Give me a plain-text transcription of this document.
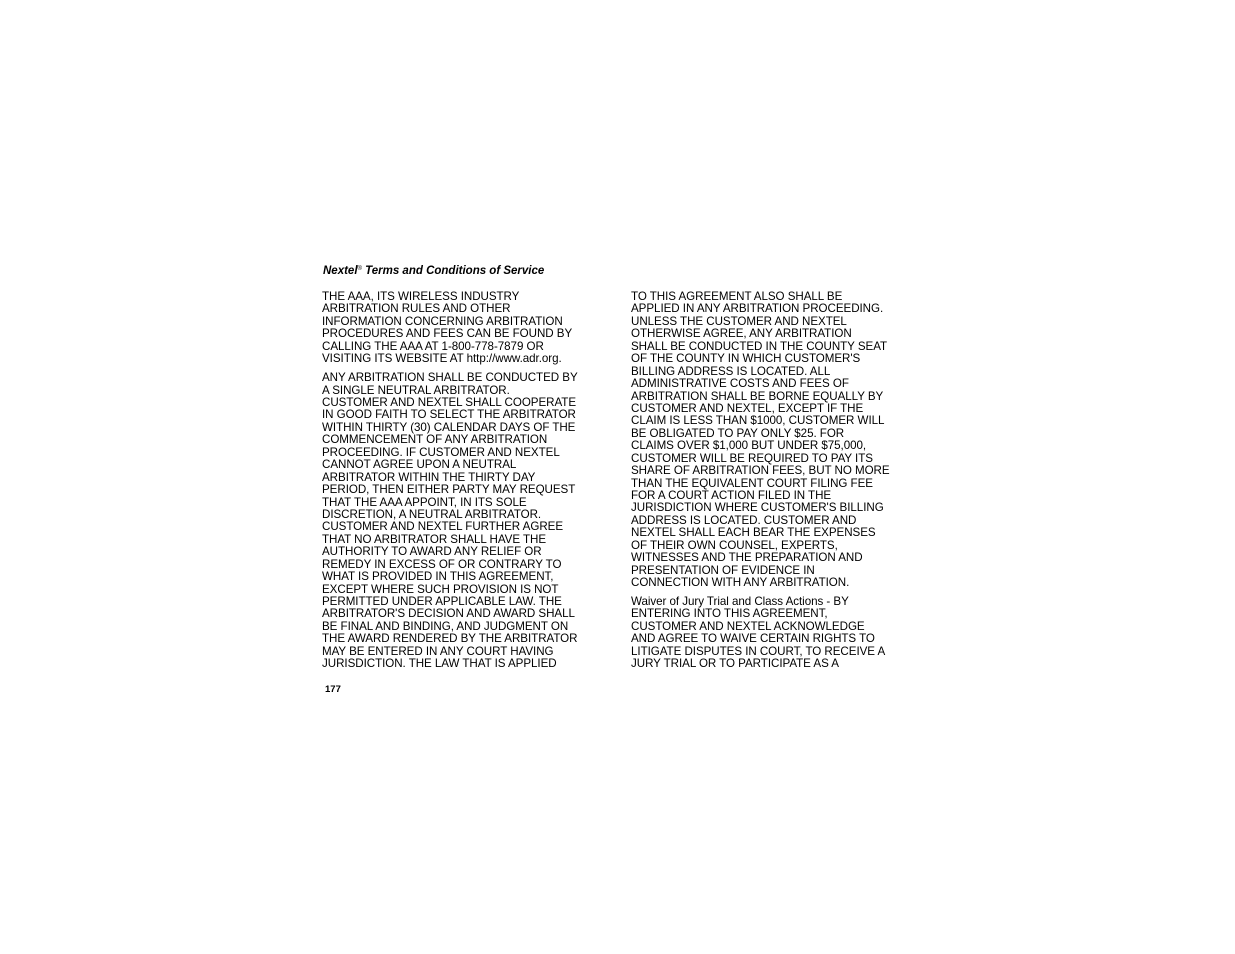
Nextel® Terms and Conditions of Service
THE AAA, ITS WIRELESS INDUSTRY
ARBITRATION RULES AND OTHER
INFORMATION CONCERNING ARBITRATION
PROCEDURES AND FEES CAN BE FOUND BY
CALLING THE AAA AT 1-800-778-7879 OR
VISITING ITS WEBSITE AT http://www.adr.org.
ANY ARBITRATION SHALL BE CONDUCTED BY
A SINGLE NEUTRAL ARBITRATOR.
CUSTOMER AND NEXTEL SHALL COOPERATE
IN GOOD FAITH TO SELECT THE ARBITRATOR
WITHIN THIRTY (30) CALENDAR DAYS OF THE
COMMENCEMENT OF ANY ARBITRATION
PROCEEDING. IF CUSTOMER AND NEXTEL
CANNOT AGREE UPON A NEUTRAL
ARBITRATOR WITHIN THE THIRTY DAY
PERIOD, THEN EITHER PARTY MAY REQUEST
THAT THE AAA APPOINT, IN ITS SOLE
DISCRETION, A NEUTRAL ARBITRATOR.
CUSTOMER AND NEXTEL FURTHER AGREE
THAT NO ARBITRATOR SHALL HAVE THE
AUTHORITY TO AWARD ANY RELIEF OR
REMEDY IN EXCESS OF OR CONTRARY TO
WHAT IS PROVIDED IN THIS AGREEMENT,
EXCEPT WHERE SUCH PROVISION IS NOT
PERMITTED UNDER APPLICABLE LAW. THE
ARBITRATOR'S DECISION AND AWARD SHALL
BE FINAL AND BINDING, AND JUDGMENT ON
THE AWARD RENDERED BY THE ARBITRATOR
MAY BE ENTERED IN ANY COURT HAVING
JURISDICTION. THE LAW THAT IS APPLIED
TO THIS AGREEMENT ALSO SHALL BE
APPLIED IN ANY ARBITRATION PROCEEDING.
UNLESS THE CUSTOMER AND NEXTEL
OTHERWISE AGREE, ANY ARBITRATION
SHALL BE CONDUCTED IN THE COUNTY SEAT
OF THE COUNTY IN WHICH CUSTOMER'S
BILLING ADDRESS IS LOCATED. ALL
ADMINISTRATIVE COSTS AND FEES OF
ARBITRATION SHALL BE BORNE EQUALLY BY
CUSTOMER AND NEXTEL, EXCEPT IF THE
CLAIM IS LESS THAN $1000, CUSTOMER WILL
BE OBLIGATED TO PAY ONLY $25. FOR
CLAIMS OVER $1,000 BUT UNDER $75,000,
CUSTOMER WILL BE REQUIRED TO PAY ITS
SHARE OF ARBITRATION FEES, BUT NO MORE
THAN THE EQUIVALENT COURT FILING FEE
FOR A COURT ACTION FILED IN THE
JURISDICTION WHERE CUSTOMER'S BILLING
ADDRESS IS LOCATED. CUSTOMER AND
NEXTEL SHALL EACH BEAR THE EXPENSES
OF THEIR OWN COUNSEL, EXPERTS,
WITNESSES AND THE PREPARATION AND
PRESENTATION OF EVIDENCE IN
CONNECTION WITH ANY ARBITRATION.
Waiver of Jury Trial and Class Actions - BY
ENTERING INTO THIS AGREEMENT,
CUSTOMER AND NEXTEL ACKNOWLEDGE
AND AGREE TO WAIVE CERTAIN RIGHTS TO
LITIGATE DISPUTES IN COURT, TO RECEIVE A
JURY TRIAL OR TO PARTICIPATE AS A
177
